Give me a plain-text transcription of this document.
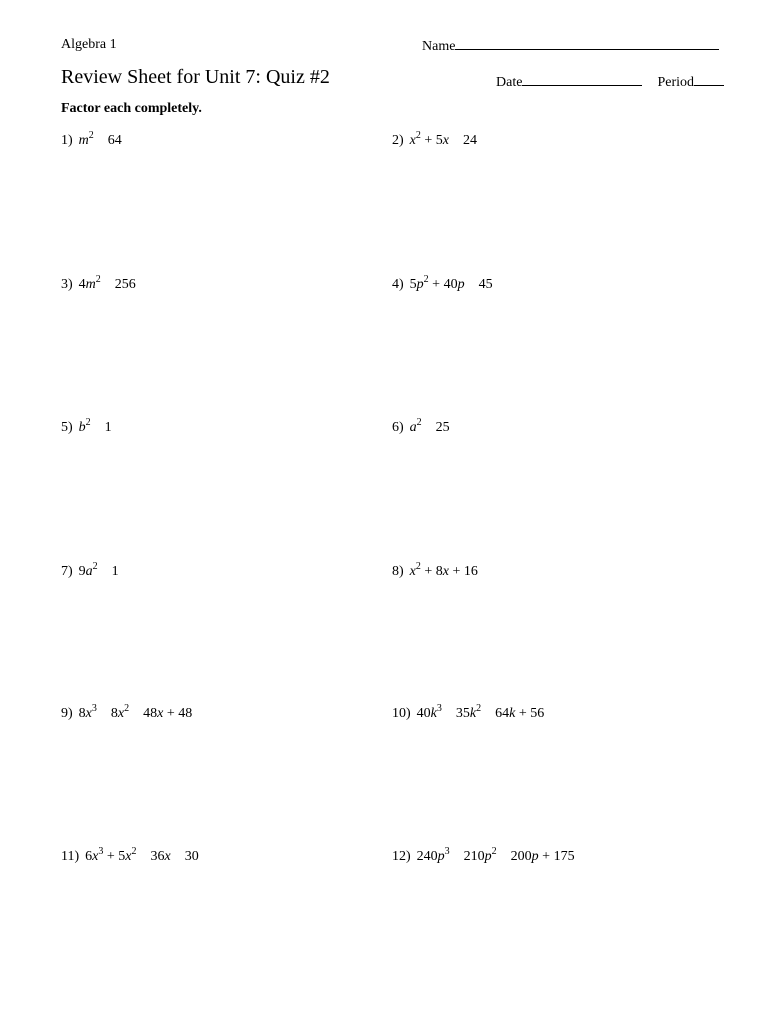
Algebra 1	Name
Review Sheet for Unit 7: Quiz #2	Date	Period
Factor each completely.
1) $m^2$    64	2) $x^2 + 5x$    24
3) $4m^2$    256	4) $5p^2 + 40p$    45
5) $b^2$    1	6) $a^2$    25
7) $9a^2$    1	8) $x^2 + 8x + 16$
9) $8x^3$    $8x^2$    48x + 48	10) $40k^3$    $35k^2$    64k + 56
11) $6x^3 + 5x^2$    36x    30	12) $240p^3$    $210p^2$    200p + 175
